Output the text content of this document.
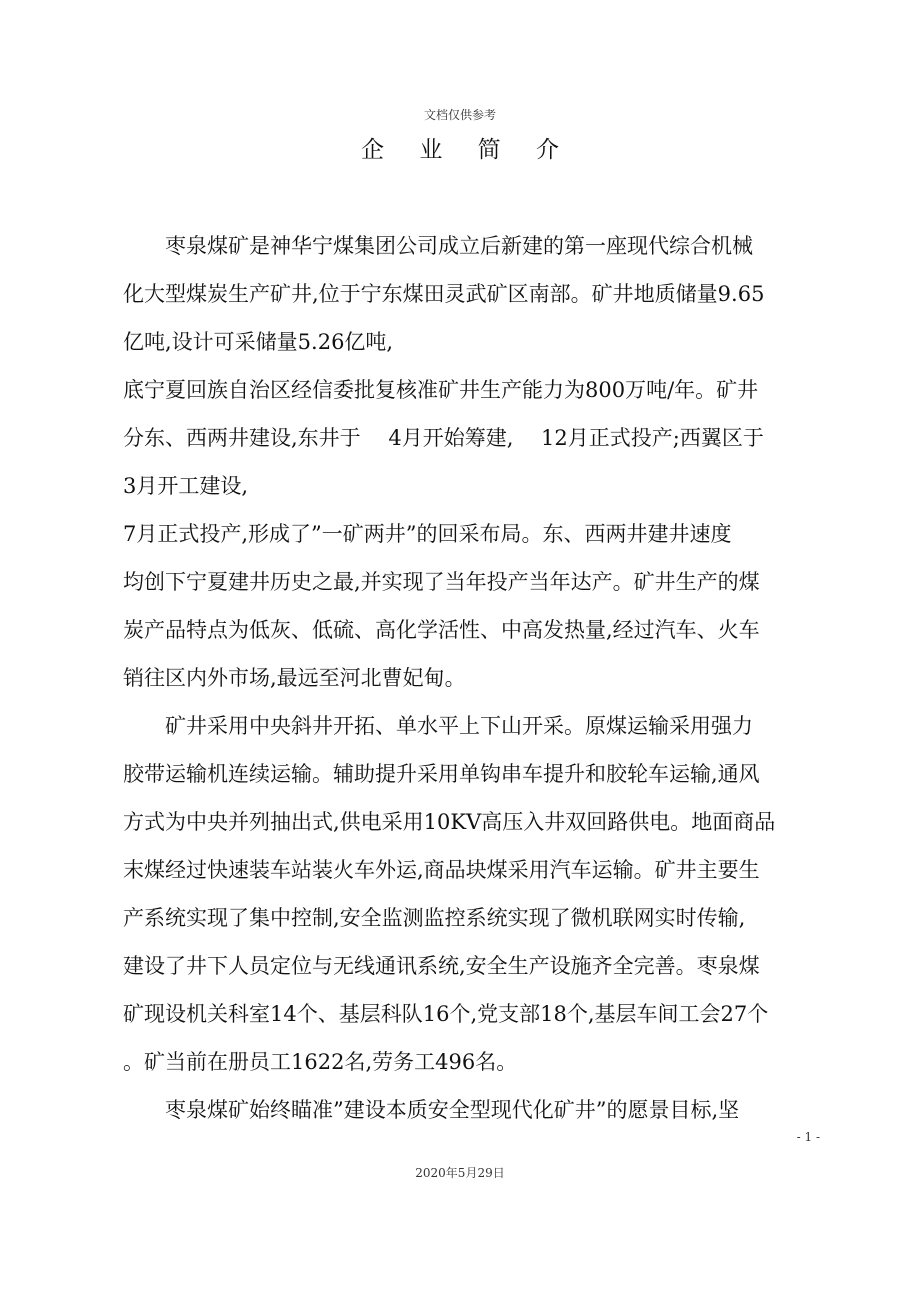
文档仅供参考
企 业 简 介
　　枣泉煤矿是神华宁煤集团公司成立后新建的第一座现代综合机械
化大型煤炭生产矿井,位于宁东煤田灵武矿区南部。矿井地质储量9.65
亿吨,设计可采储量5.26亿吨,
底宁夏回族自治区经信委批复核准矿井生产能力为800万吨/年。矿井
分东、西两井建设,东井于　 4月开始筹建,　 12月正式投产;西翼区于
3月开工建设,
7月正式投产,形成了”一矿两井”的回采布局。东、西两井建井速度
均创下宁夏建井历史之最,并实现了当年投产当年达产。矿井生产的煤
炭产品特点为低灰、低硫、高化学活性、中高发热量,经过汽车、火车
销往区内外市场,最远至河北曹妃甸。
　　矿井采用中央斜井开拓、单水平上下山开采。原煤运输采用强力
胶带运输机连续运输。辅助提升采用单钩串车提升和胶轮车运输,通风
方式为中央并列抽出式,供电采用10KV高压入井双回路供电。地面商品
末煤经过快速装车站装火车外运,商品块煤采用汽车运输。矿井主要生
产系统实现了集中控制,安全监测监控系统实现了微机联网实时传输,
建设了井下人员定位与无线通讯系统,安全生产设施齐全完善。枣泉煤
矿现设机关科室14个、基层科队16个,党支部18个,基层车间工会27个
。矿当前在册员工1622名,劳务工496名。
　　枣泉煤矿始终瞄准”建设本质安全型现代化矿井”的愿景目标,坚
- 1 -
2020年5月29日
